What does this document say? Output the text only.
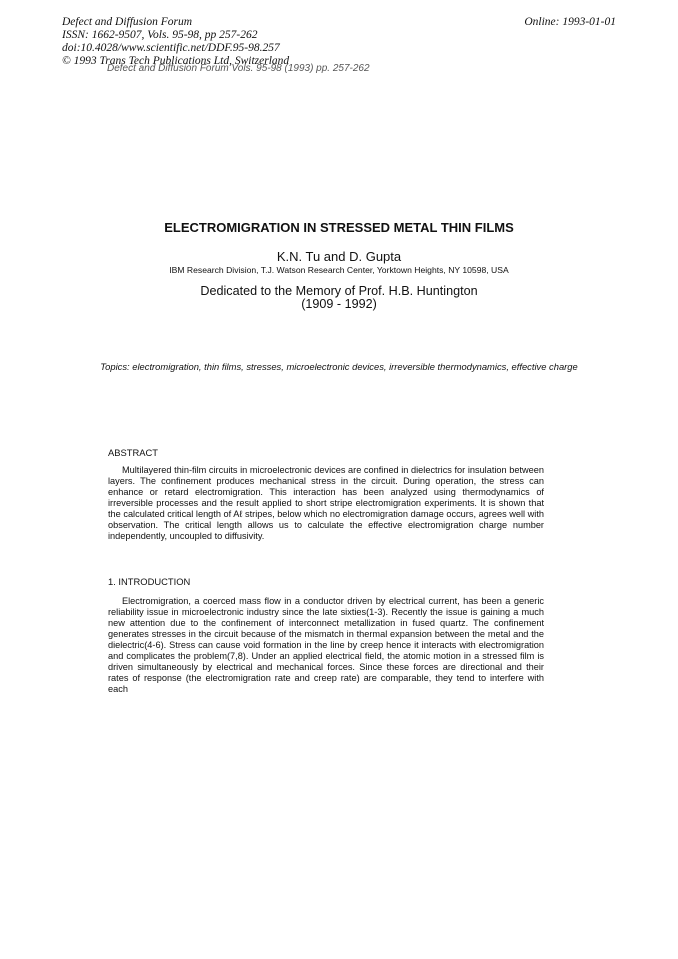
Defect and Diffusion Forum
ISSN: 1662-9507, Vols. 95-98, pp 257-262
doi:10.4028/www.scientific.net/DDF.95-98.257
© 1993 Trans Tech Publications Ltd, Switzerland
Online: 1993-01-01
Defect and Diffusion Forum Vols. 95-98 (1993) pp. 257-262
ELECTROMIGRATION IN STRESSED METAL THIN FILMS
K.N. Tu and D. Gupta
IBM Research Division, T.J. Watson Research Center, Yorktown Heights, NY 10598, USA
Dedicated to the Memory of Prof. H.B. Huntington
(1909 - 1992)
Topics: electromigration, thin films, stresses, microelectronic devices, irreversible thermodynamics, effective charge
ABSTRACT
Multilayered thin-film circuits in microelectronic devices are confined in dielectrics for insulation between layers. The confinement produces mechanical stress in the circuit. During operation, the stress can enhance or retard electromigration. This interaction has been analyzed using thermodynamics of irreversible processes and the result applied to short stripe electromigration experiments. It is shown that the calculated critical length of Aℓ stripes, below which no electromigration damage occurs, agrees well with observation. The critical length allows us to calculate the effective electromigration charge number independently, uncoupled to diffusivity.
1. INTRODUCTION
Electromigration, a coerced mass flow in a conductor driven by electrical current, has been a generic reliability issue in microelectronic industry since the late sixties(1-3). Recently the issue is gaining a much new attention due to the confinement of interconnect metallization in fused quartz. The confinement generates stresses in the circuit because of the mismatch in thermal expansion between the metal and the dielectric(4-6). Stress can cause void formation in the line by creep hence it interacts with electromigration and complicates the problem(7,8). Under an applied electrical field, the atomic motion in a stressed film is driven simultaneously by electrical and mechanical forces. Since these forces are directional and their rates of response (the electromigration rate and creep rate) are comparable, they tend to interfere with each
